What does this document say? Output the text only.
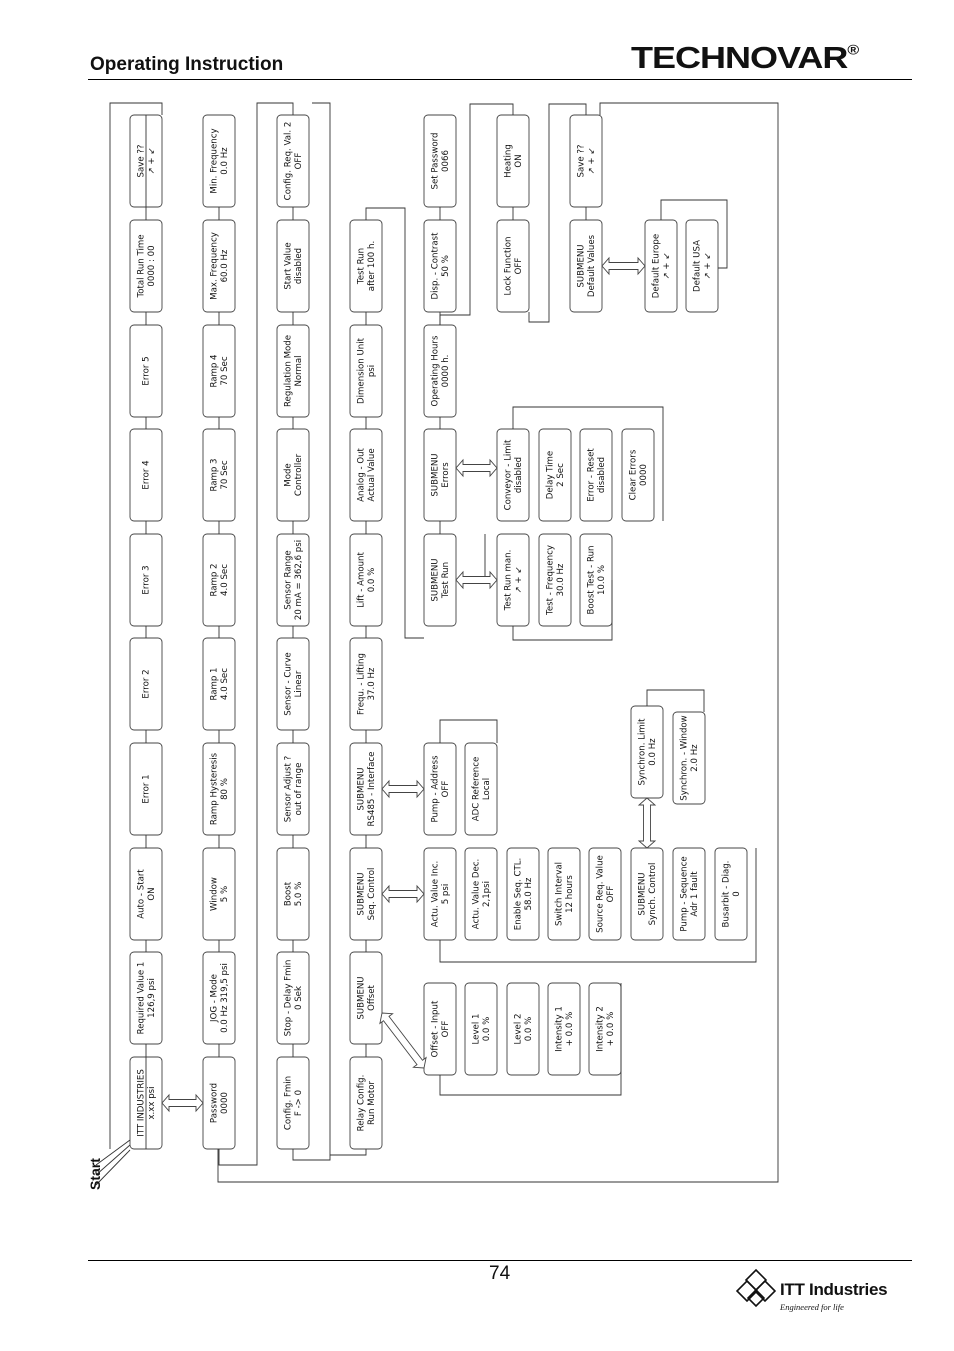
Operating Instruction	TECHNOVAR®
ITT INDUSTRIES x.xx psi
Required Value 1 126,9 psi
Auto - Start ON
Error 1
Error 2
Error 3
Error 4
Error 5
Total Run Time 0000 : 00
Save ?? ↗ + ↙
Password 0000
JOG - Mode 0.0 Hz 319,5 psi
Window 5 %
Ramp Hysteresis 80 %
Ramp 1 4.0 Sec
Ramp 2 4.0 Sec
Ramp 3 70 Sec
Ramp 4 70 Sec
Max. Frequency 60.0 Hz
Min. Frequency 0.0 Hz
Config. Fmin F -> 0
Stop - Delay Fmin 0 Sek
Boost 5.0 %
Sensor Adjust ? out of range
Sensor - Curve Linear
Sensor Range 20 mA = 362,6 psi
Mode Controller
Regulation Mode Normal
Start Value disabled
Config. Req. Val. 2 OFF
Relay Config. Run Motor
SUBMENU Offset
SUBMENU Seq. Control
SUBMENU RS485 - Interface
Frequ. - Lifting 37.0 Hz
Lift - Amount 0.0 %
Analog - Out Actual Value
Dimension Unit psi
Test Run after 100 h.
SUBMENU Test Run
SUBMENU Errors
Operating Hours 0000 h.
Disp. - Contrast 50 %
Set Password 0066
Lock Function OFF
Heating ON
SUBMENU Default Values
Save ?? ↗ + ↙
Offset - Input OFF Level 1 0.0 %	Level 2 0.0 % Intensity 1 + 0.0 % Intensity 2 + 0.0 %
Actu. Value Inc. 5 psi Actu. Value Dec. 2,1psi	Enable Seq. CTL. 58.0 Hz Switch Interval 12 hours Source Req. Value OFF	SUBMENU Synch. Control	Pump - Sequence Adr 1 fault	Busarbit - Diag. 0
Synchron. Limit 0.0 Hz	Synchron. - Window 2.0 Hz
Pump - Address OFF ADC Reference Local
Test Run man. ↗ + ↙	Test - Frequency 30.0 Hz Boost Test - Run 10.0 %
Conveyor - Limit disabled	Delay Time 2 Sec Error - Reset disabled	Clear Errors 0000
Default Europe ↗ + ↙ Default USA ↗ + ↙
Start
74
ITT Industries
Engineered for life
